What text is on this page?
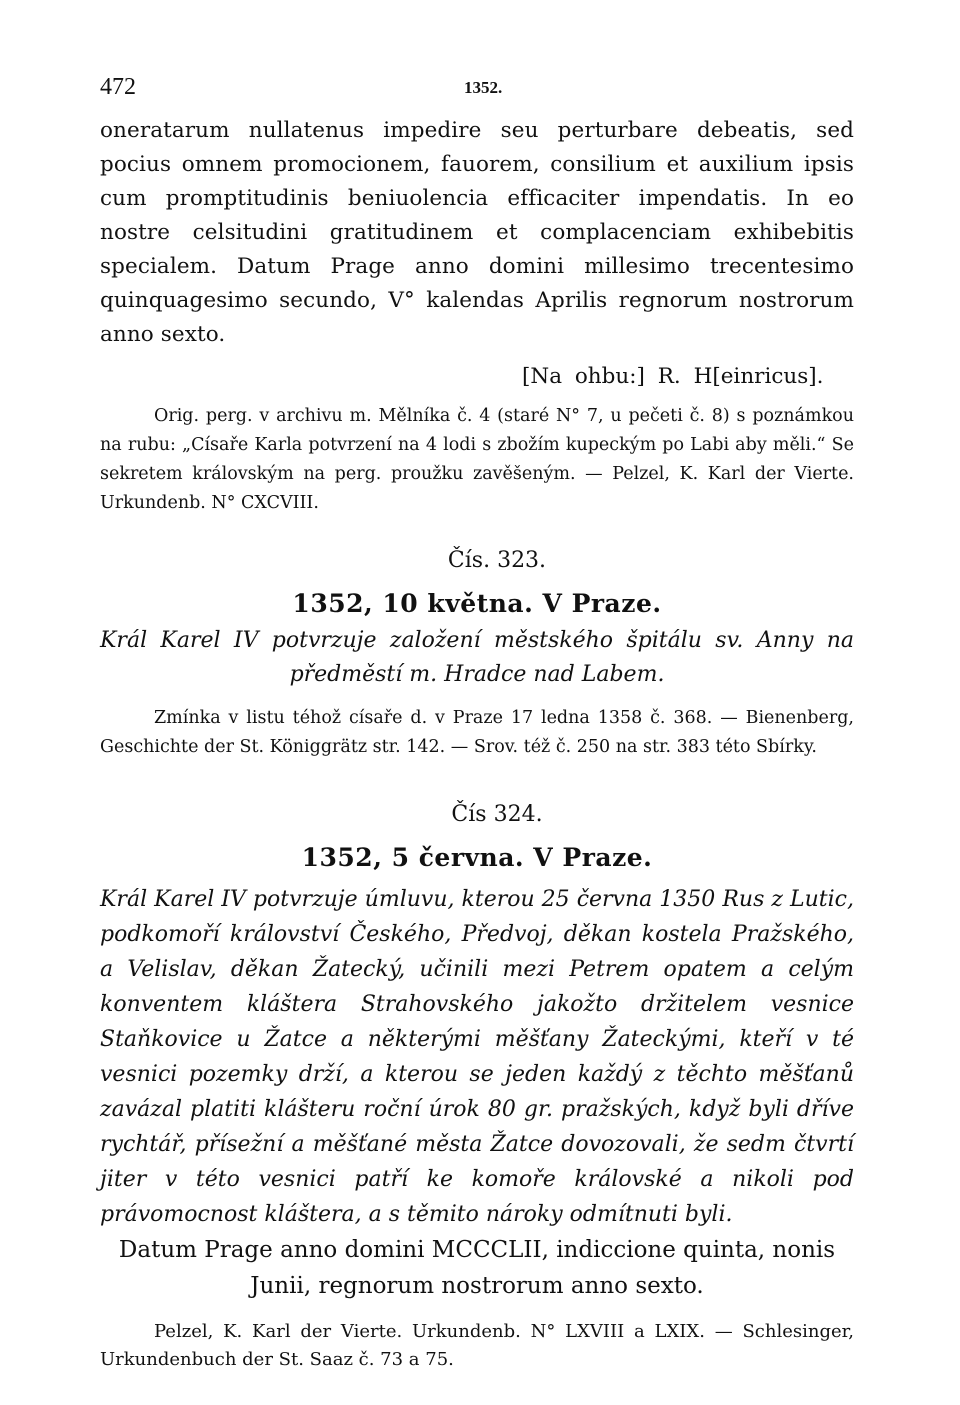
472	1352.

oneratarum nullatenus impedire seu perturbare debeatis, sed pocius omnem promocionem, fauorem, consilium et auxilium ipsis cum promptitudinis beniuolencia efficaciter impendatis. In eo nostre celsitudini gratitudinem et complacenciam exhibebitis specialem. Datum Prage anno domini millesimo trecentesimo quinquagesimo secundo, V° kalendas Aprilis regnorum nostrorum anno sexto.

[Na ohbu:] R. H[einricus].

Orig. perg. v archivu m. Mělníka č. 4 (staré N° 7, u pečeti č. 8) s poznámkou na rubu: „Císaře Karla potvrzení na 4 lodi s zbožím kupeckým po Labi aby měli.“ Se sekretem královským na perg. proužku zavěšeným. — Pelzel, K. Karl der Vierte. Urkundenb. N° CXCVIII.

Čís. 323.
1352, 10 května. V Praze.

Král Karel IV potvrzuje založení městského špitálu sv. Anny na předměstí m. Hradce nad Labem.

Zmínka v listu téhož císaře d. v Praze 17 ledna 1358 č. 368. — Bienenberg, Geschichte der St. Königgrätz str. 142. — Srov. též č. 250 na str. 383 této Sbírky.

Čís 324.
1352, 5 června. V Praze.

Král Karel IV potvrzuje úmluvu, kterou 25 června 1350 Rus z Lutic, podkomoří království Českého, Předvoj, děkan kostela Pražského, a Velislav, děkan Žatecký, učinili mezi Petrem opatem a celým konventem kláštera Strahovského jakožto držitelem vesnice Staňkovice u Žatce a některými měšťany Žateckými, kteří v té vesnici pozemky drží, a kterou se jeden každý z těchto měšťanů zavázal platiti klášteru roční úrok 80 gr. pražských, když byli dříve rychtář, přísežní a měšťané města Žatce dovozovali, že sedm čtvrtí jiter v této vesnici patří ke komoře královské a nikoli pod právomocnost kláštera, a s těmito nároky odmítnuti byli.

Datum Prage anno domini MCCCLII, indiccione quinta, nonis Junii, regnorum nostrorum anno sexto.

Pelzel, K. Karl der Vierte. Urkundenb. N° LXVIII a LXIX. — Schlesinger, Urkundenbuch der St. Saaz č. 73 a 75.
